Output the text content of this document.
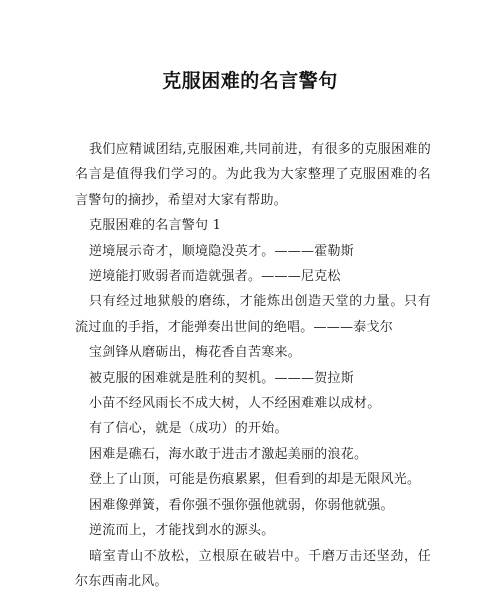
克服困难的名言警句

我们应精诚团结,克服困难,共同前进，有很多的克服困难的名言是值得我们学习的。为此我为大家整理了克服困难的名言警句的摘抄，希望对大家有帮助。

克服困难的名言警句 1

逆境展示奇才，顺境隐没英才。———霍勒斯

逆境能打败弱者而造就强者。———尼克松

只有经过地狱般的磨练，才能炼出创造天堂的力量。只有流过血的手指，才能弹奏出世间的绝唱。———泰戈尔

宝剑锋从磨砺出，梅花香自苦寒来。

被克服的困难就是胜利的契机。———贺拉斯

小苗不经风雨长不成大树，人不经困难难以成材。

有了信心，就是（成功）的开始。

困难是礁石，海水敢于进击才激起美丽的浪花。

登上了山顶，可能是伤痕累累，但看到的却是无限风光。

困难像弹簧，看你强不强你强他就弱，你弱他就强。

逆流而上，才能找到水的源头。

暗室青山不放松，立根原在破岩中。千磨万击还坚劲，任尔东西南北风。
